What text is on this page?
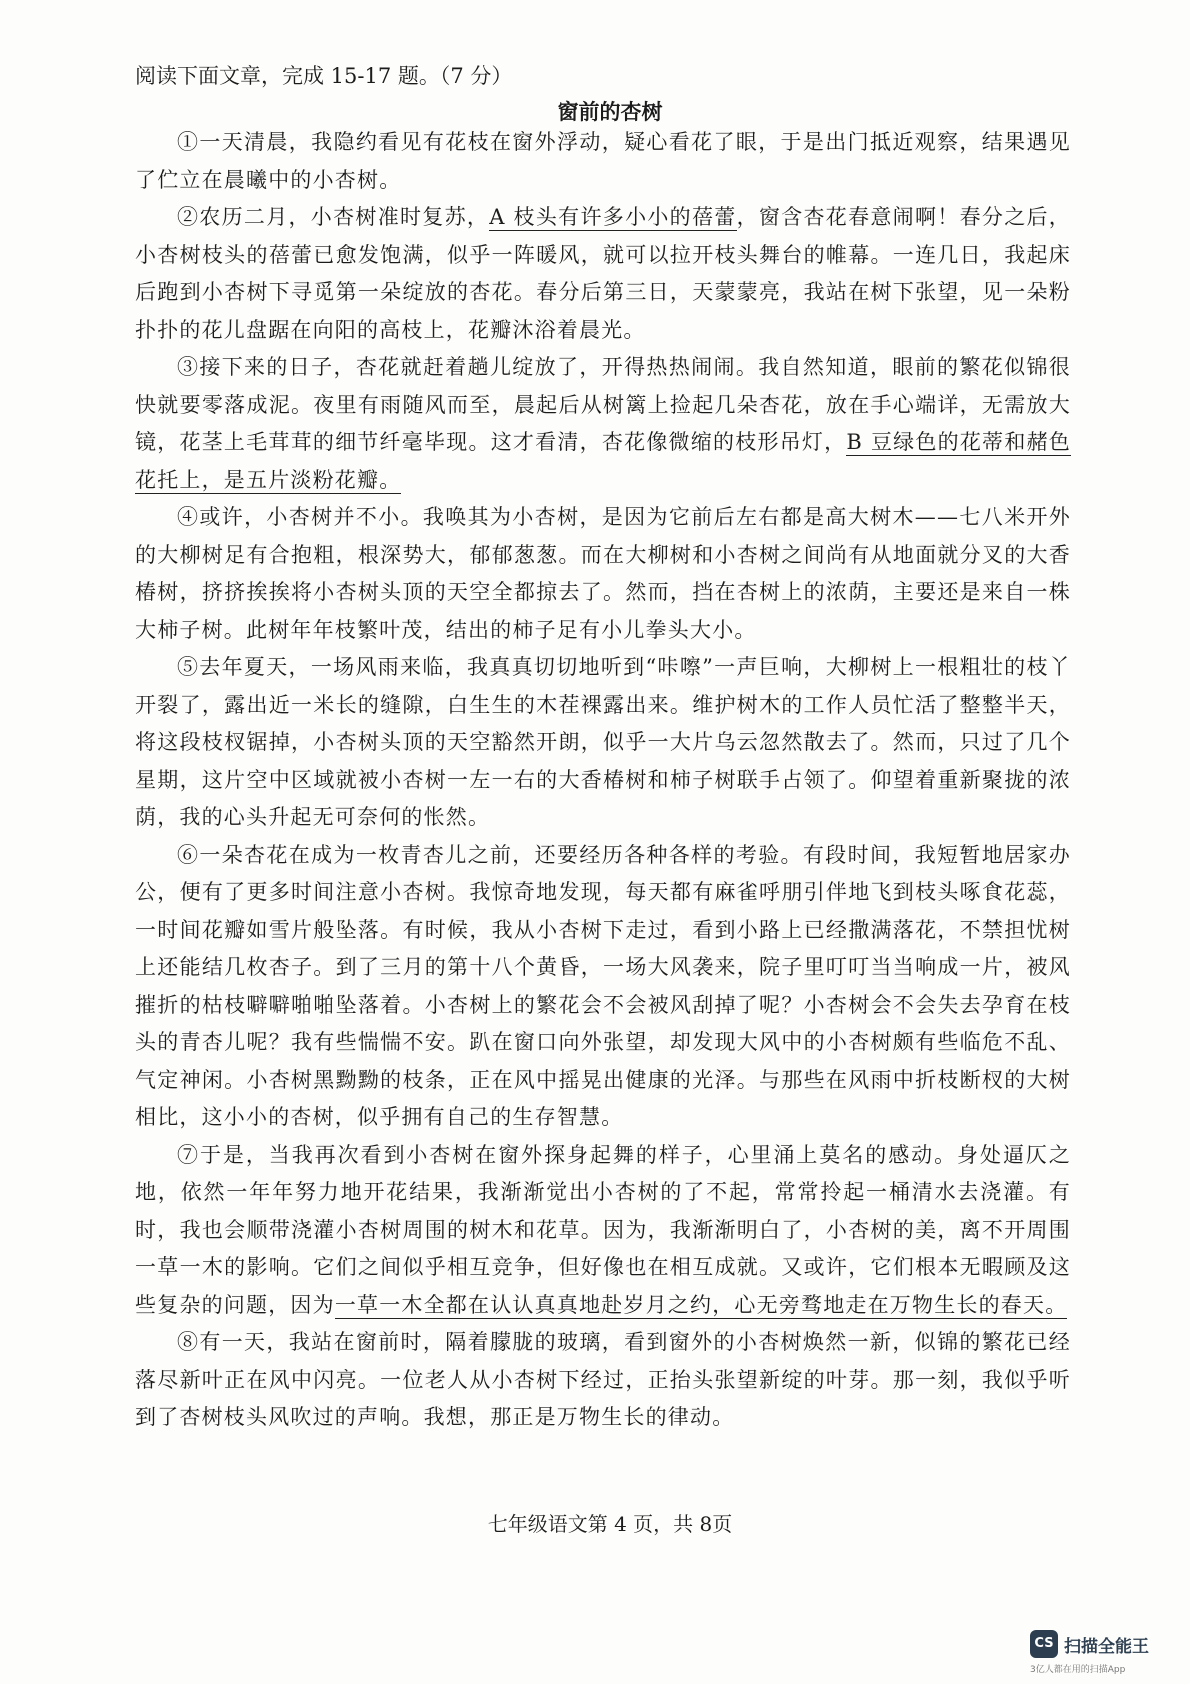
阅读下面文章，完成 15-17 题。（7 分）
窗前的杏树

①一天清晨，我隐约看见有花枝在窗外浮动，疑心看花了眼，于是出门抵近观察，结果遇见了伫立在晨曦中的小杏树。

②农历二月，小杏树准时复苏，A 枝头有许多小小的蓓蕾，窗含杏花春意闹啊！春分之后，小杏树枝头的蓓蕾已愈发饱满，似乎一阵暖风，就可以拉开枝头舞台的帷幕。一连几日，我起床后跑到小杏树下寻觅第一朵绽放的杏花。春分后第三日，天蒙蒙亮，我站在树下张望，见一朵粉扑扑的花儿盘踞在向阳的高枝上，花瓣沐浴着晨光。

③接下来的日子，杏花就赶着趟儿绽放了，开得热热闹闹。我自然知道，眼前的繁花似锦很快就要零落成泥。夜里有雨随风而至，晨起后从树篱上捡起几朵杏花，放在手心端详，无需放大镜，花茎上毛茸茸的细节纤毫毕现。这才看清，杏花像微缩的枝形吊灯，B 豆绿色的花蒂和赭色花托上，是五片淡粉花瓣。

④或许，小杏树并不小。我唤其为小杏树，是因为它前后左右都是高大树木——七八米开外的大柳树足有合抱粗，根深势大，郁郁葱葱。而在大柳树和小杏树之间尚有从地面就分叉的大香椿树，挤挤挨挨将小杏树头顶的天空全都掠去了。然而，挡在杏树上的浓荫，主要还是来自一株大柿子树。此树年年枝繁叶茂，结出的柿子足有小儿拳头大小。

⑤去年夏天，一场风雨来临，我真真切切地听到“咔嚓”一声巨响，大柳树上一根粗壮的枝丫开裂了，露出近一米长的缝隙，白生生的木茬裸露出来。维护树木的工作人员忙活了整整半天，将这段枝杈锯掉，小杏树头顶的天空豁然开朗，似乎一大片乌云忽然散去了。然而，只过了几个星期，这片空中区域就被小杏树一左一右的大香椿树和柿子树联手占领了。仰望着重新聚拢的浓荫，我的心头升起无可奈何的怅然。

⑥一朵杏花在成为一枚青杏儿之前，还要经历各种各样的考验。有段时间，我短暂地居家办公，便有了更多时间注意小杏树。我惊奇地发现，每天都有麻雀呼朋引伴地飞到枝头啄食花蕊，一时间花瓣如雪片般坠落。有时候，我从小杏树下走过，看到小路上已经撒满落花，不禁担忧树上还能结几枚杏子。到了三月的第十八个黄昏，一场大风袭来，院子里叮叮当当响成一片，被风摧折的枯枝噼噼啪啪坠落着。小杏树上的繁花会不会被风刮掉了呢？小杏树会不会失去孕育在枝头的青杏儿呢？我有些惴惴不安。趴在窗口向外张望，却发现大风中的小杏树颇有些临危不乱、气定神闲。小杏树黑黝黝的枝条，正在风中摇晃出健康的光泽。与那些在风雨中折枝断杈的大树相比，这小小的杏树，似乎拥有自己的生存智慧。

⑦于是，当我再次看到小杏树在窗外探身起舞的样子，心里涌上莫名的感动。身处逼仄之地，依然一年年努力地开花结果，我渐渐觉出小杏树的了不起，常常拎起一桶清水去浇灌。有时，我也会顺带浇灌小杏树周围的树木和花草。因为，我渐渐明白了，小杏树的美，离不开周围一草一木的影响。它们之间似乎相互竞争，但好像也在相互成就。又或许，它们根本无暇顾及这些复杂的问题，因为一草一木全都在认认真真地赴岁月之约，心无旁骛地走在万物生长的春天。

⑧有一天，我站在窗前时，隔着朦胧的玻璃，看到窗外的小杏树焕然一新，似锦的繁花已经落尽新叶正在风中闪亮。一位老人从小杏树下经过，正抬头张望新绽的叶芽。那一刻，我似乎听到了杏树枝头风吹过的声响。我想，那正是万物生长的律动。

七年级语文第 4 页，共 8页
CS 扫描全能王
3亿人都在用的扫描App
